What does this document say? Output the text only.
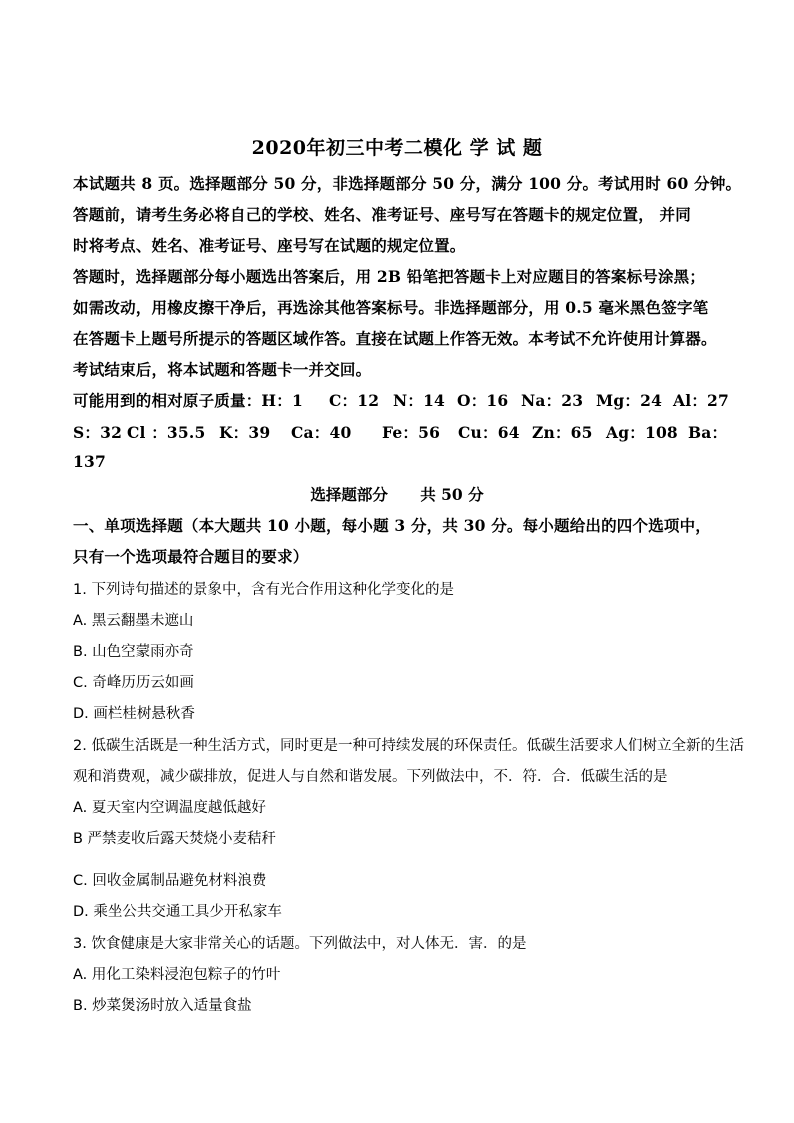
2020年初三中考二模化 学 试 题
本试题共 8 页。选择题部分 50 分，非选择题部分 50 分，满分 100 分。考试用时 60 分钟。
答题前，请考生务必将自己的学校、姓名、准考证号、座号写在答题卡的规定位置， 并同
时将考点、姓名、准考证号、座号写在试题的规定位置。
答题时，选择题部分每小题选出答案后，用 2B 铅笔把答题卡上对应题目的答案标号涂黑；
如需改动，用橡皮擦干净后，再选涂其他答案标号。非选择题部分，用 0.5 毫米黑色签字笔
在答题卡上题号所提示的答题区域作答。直接在试题上作答无效。本考试不允许使用计算器。
考试结束后，将本试题和答题卡一并交回。
可能用到的相对原子质量：H：1 C：12 N：14 O：16 Na：23 Mg：24 Al：27
S：32 Cl ：35.5 K：39 Ca：40 Fe：56 Cu：64 Zn：65 Ag：108 Ba：
137
选择题部分      共 50 分
一、单项选择题（本大题共 10 小题，每小题 3 分，共 30 分。每小题给出的四个选项中，
只有一个选项最符合题目的要求）
1. 下列诗句描述的景象中，含有光合作用这种化学变化的是
A. 黑云翻墨未遮山
B. 山色空蒙雨亦奇
C. 奇峰历历云如画
D. 画栏桂树悬秋香
2. 低碳生活既是一种生活方式，同时更是一种可持续发展的环保责任。低碳生活要求人们树立全新的生活
观和消费观，减少碳排放，促进人与自然和谐发展。下列做法中，不．符．合．低碳生活的是
A. 夏天室内空调温度越低越好
B 严禁麦收后露天焚烧小麦秸秆
C. 回收金属制品避免材料浪费
D. 乘坐公共交通工具少开私家车
3. 饮食健康是大家非常关心的话题。下列做法中，对人体无．害．的是
A. 用化工染料浸泡包粽子的竹叶
B. 炒菜煲汤时放入适量食盐
